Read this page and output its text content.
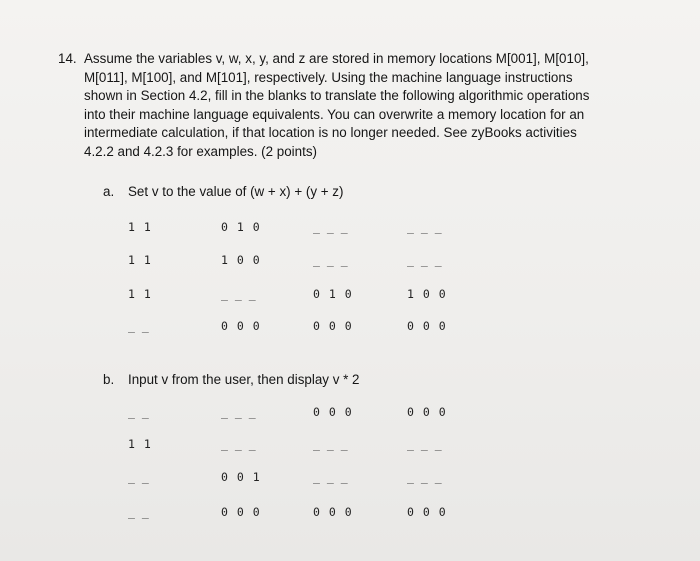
14. Assume the variables v, w, x, y, and z are stored in memory locations M[001], M[010],
M[011], M[100], and M[101], respectively. Using the machine language instructions
shown in Section 4.2, fill in the blanks to translate the following algorithmic operations
into their machine language equivalents. You can overwrite a memory location for an
intermediate calculation, if that location is no longer needed. See zyBooks activities
4.2.2 and 4.2.3 for examples. (2 points)
a. Set v to the value of (w + x) + (y + z)
b. Input v from the user, then display v * 2
1 1	0 1 0	_ _ _	_ _ _
1 1	1 0 0	_ _ _	_ _ _
1 1	_ _ _	0 1 0	1 0 0
_ _	0 0 0	0 0 0	0 0 0
_ _	_ _ _	0 0 0	0 0 0
1 1	_ _ _	_ _ _	_ _ _
_ _	0 0 1	_ _ _	_ _ _
_ _	0 0 0	0 0 0	0 0 0
